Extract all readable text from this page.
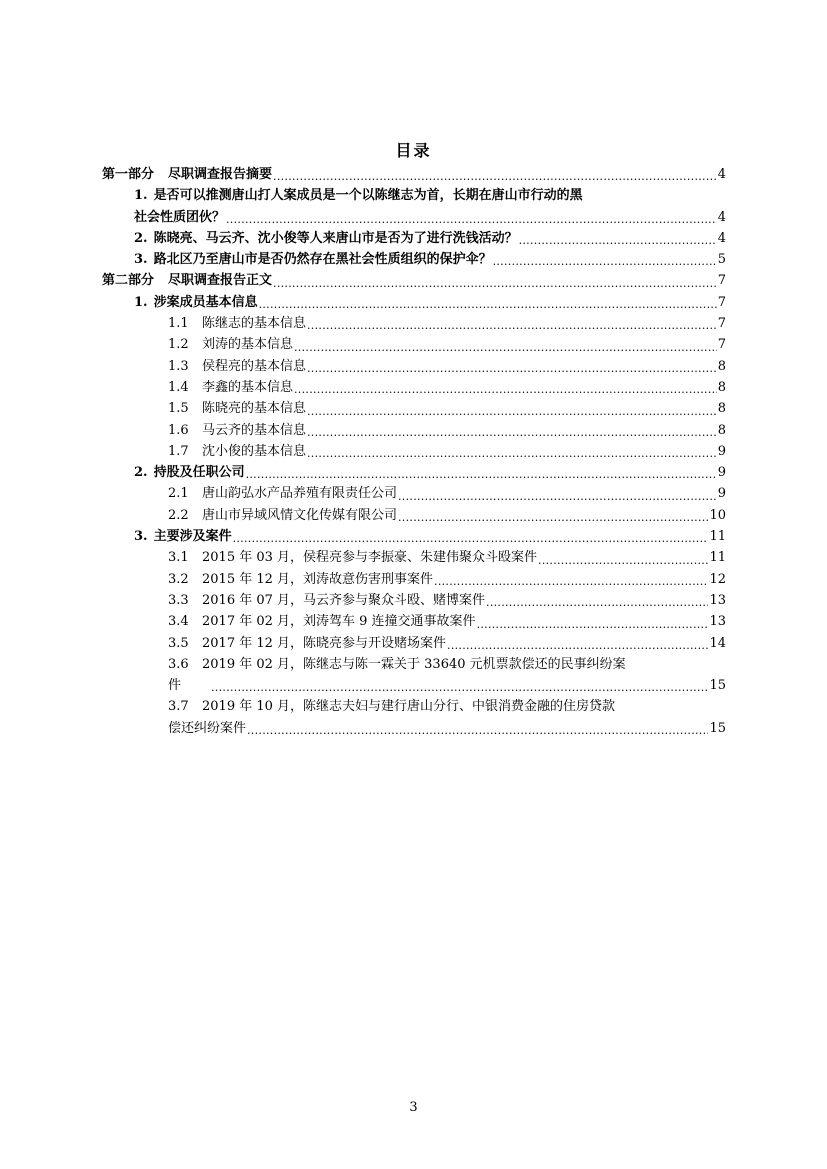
目录
第一部分 尽职调查报告摘要 .....	4
1. 是否可以推测唐山打人案成员是一个以陈继志为首，长期在唐山市行动的黑
社会性质团伙？ .....	4
2. 陈晓亮、马云齐、沈小俊等人来唐山市是否为了进行洗钱活动？ .....	4
3. 路北区乃至唐山市是否仍然存在黑社会性质组织的保护伞？ .....	5
第二部分 尽职调查报告正文 .....	7
1. 涉案成员基本信息 .....	7
1.1	陈继志的基本信息 .....	7
1.2	刘涛的基本信息 .....	7
1.3	侯程亮的基本信息 .....	8
1.4	李鑫的基本信息 .....	8
1.5	陈晓亮的基本信息 .....	8
1.6	马云齐的基本信息 .....	8
1.7	沈小俊的基本信息 .....	9
2. 持股及任职公司 .....	9
2.1	唐山韵弘水产品养殖有限责任公司 .....	9
2.2	唐山市异域风情文化传媒有限公司 .....	10
3. 主要涉及案件 .....	11
3.1	2015 年 03 月，侯程亮参与李振豪、朱建伟聚众斗殴案件 .....	11
3.2	2015 年 12 月，刘涛故意伤害刑事案件 .....	12
3.3	2016 年 07 月，马云齐参与聚众斗殴、赌博案件 .....	13
3.4	2017 年 02 月，刘涛驾车 9 连撞交通事故案件 .....	13
3.5	2017 年 12 月，陈晓亮参与开设赌场案件 .....	14
3.6 2019 年 02 月，陈继志与陈一霖关于 33640 元机票款偿还的民事纠纷案
件 .....	15
3.7 2019 年 10 月，陈继志夫妇与建行唐山分行、中银消费金融的住房贷款
偿还纠纷案件 .....	15
3
